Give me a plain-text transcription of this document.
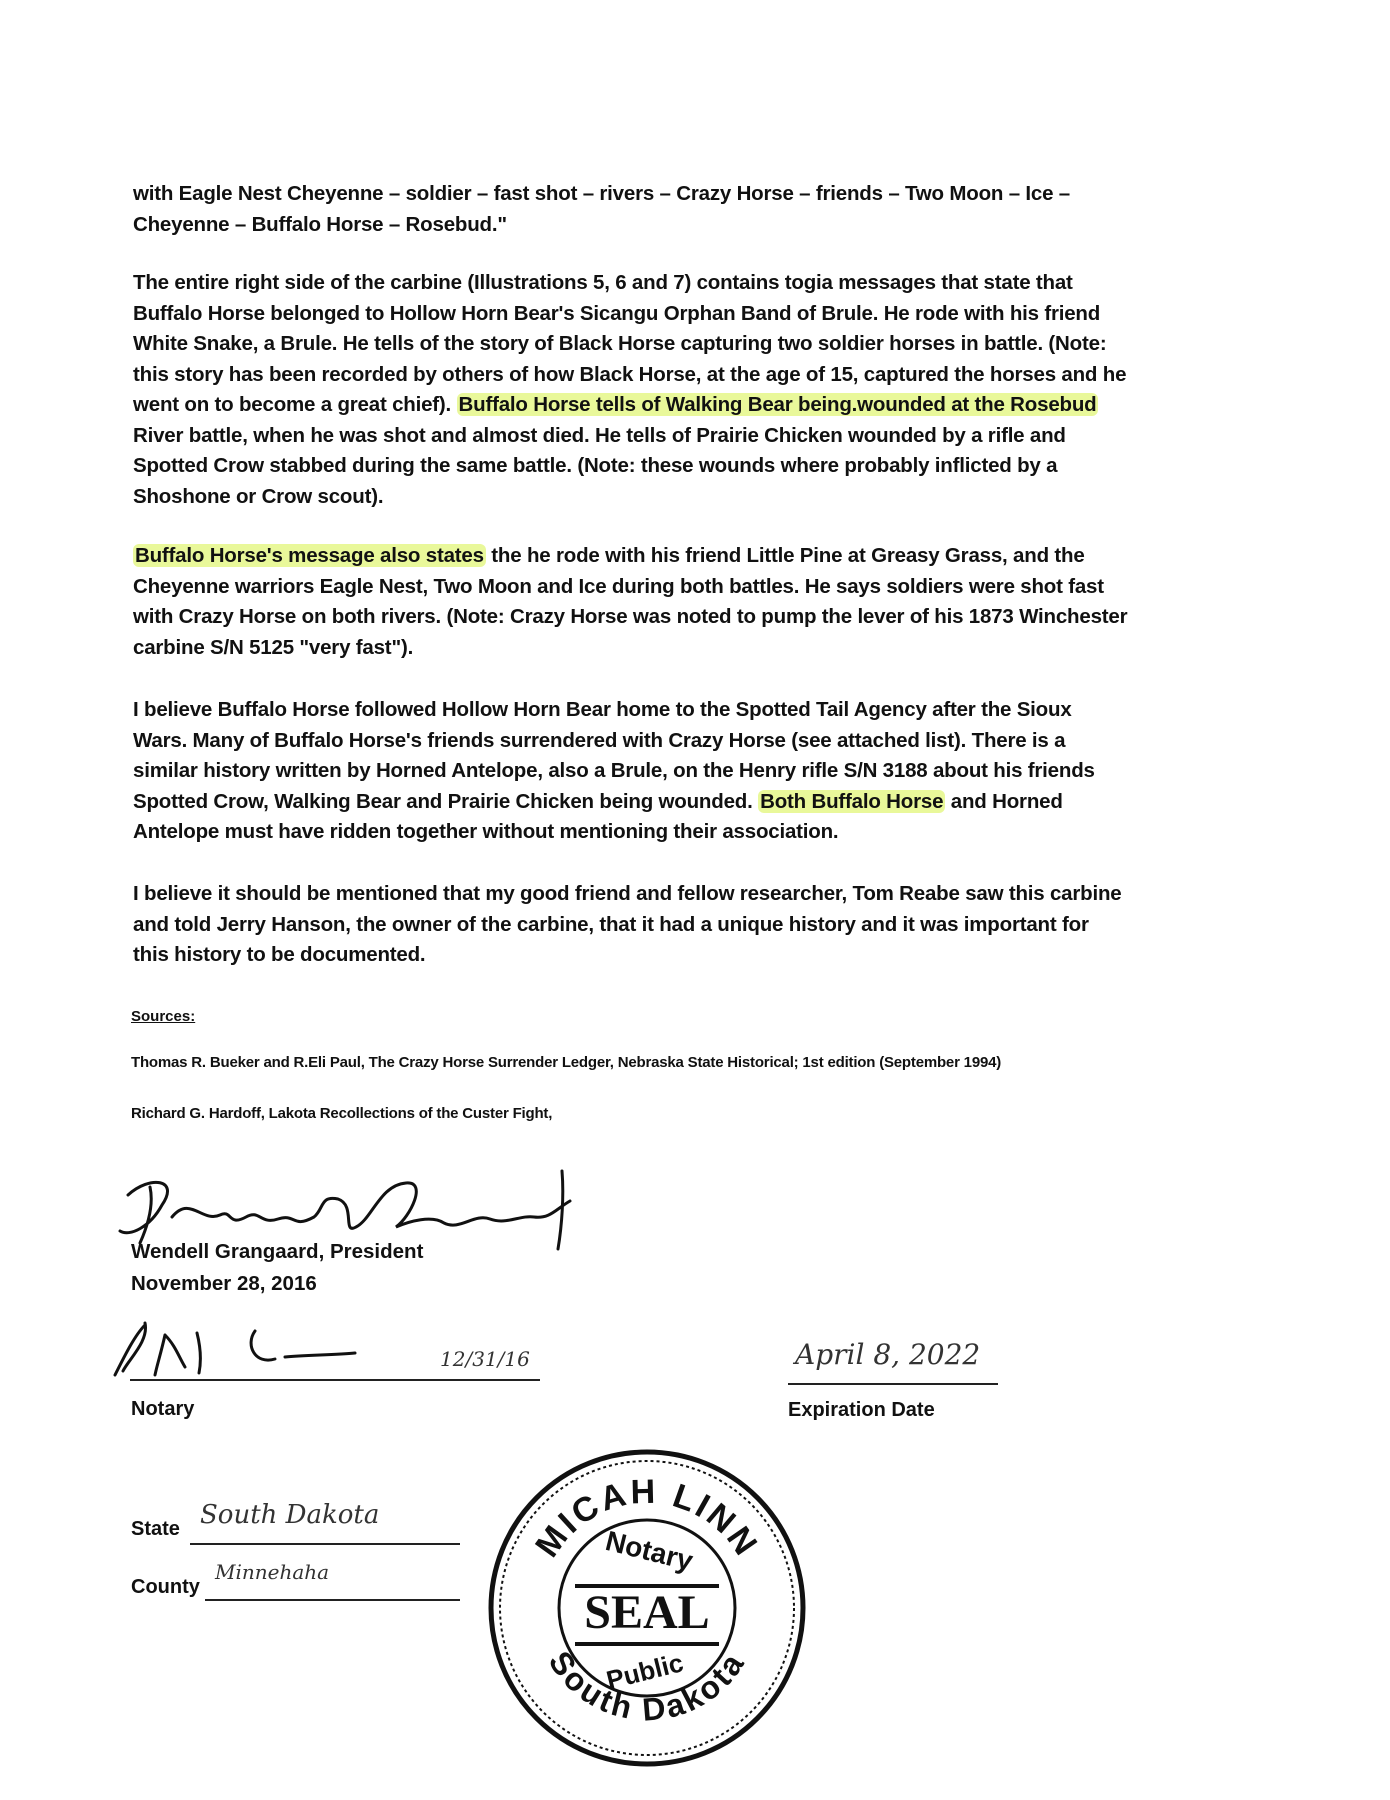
with Eagle Nest Cheyenne – soldier – fast shot – rivers – Crazy Horse – friends – Two Moon – Ice –
Cheyenne – Buffalo Horse – Rosebud."
The entire right side of the carbine (Illustrations 5, 6 and 7) contains togia messages that state that
Buffalo Horse belonged to Hollow Horn Bear's Sicangu Orphan Band of Brule. He rode with his friend
White Snake, a Brule. He tells of the story of Black Horse capturing two soldier horses in battle. (Note:
this story has been recorded by others of how Black Horse, at the age of 15, captured the horses and he
went on to become a great chief). Buffalo Horse tells of Walking Bear being.wounded at the Rosebud
River battle, when he was shot and almost died. He tells of Prairie Chicken wounded by a rifle and
Spotted Crow stabbed during the same battle. (Note: these wounds where probably inflicted by a
Shoshone or Crow scout).
Buffalo Horse's message also states the he rode with his friend Little Pine at Greasy Grass, and the
Cheyenne warriors Eagle Nest, Two Moon and Ice during both battles. He says soldiers were shot fast
with Crazy Horse on both rivers. (Note: Crazy Horse was noted to pump the lever of his 1873 Winchester
carbine S/N 5125 "very fast").
I believe Buffalo Horse followed Hollow Horn Bear home to the Spotted Tail Agency after the Sioux
Wars. Many of Buffalo Horse's friends surrendered with Crazy Horse (see attached list). There is a
similar history written by Horned Antelope, also a Brule, on the Henry rifle S/N 3188 about his friends
Spotted Crow, Walking Bear and Prairie Chicken being wounded. Both Buffalo Horse and Horned
Antelope must have ridden together without mentioning their association.
I believe it should be mentioned that my good friend and fellow researcher, Tom Reabe saw this carbine
and told Jerry Hanson, the owner of the carbine, that it had a unique history and it was important for
this history to be documented.
Sources:
Thomas R. Bueker and R.Eli Paul, The Crazy Horse Surrender Ledger, Nebraska State Historical; 1st edition (September 1994)
Richard G. Hardoff, Lakota Recollections of the Custer Fight,
Wendell Grangaard, President
November 28, 2016
12/31/16
Notary
April 8, 2022
Expiration Date
State South Dakota
County
Minnehaha
MICAH LINN
South Dakota
Notary
SEAL
Public
